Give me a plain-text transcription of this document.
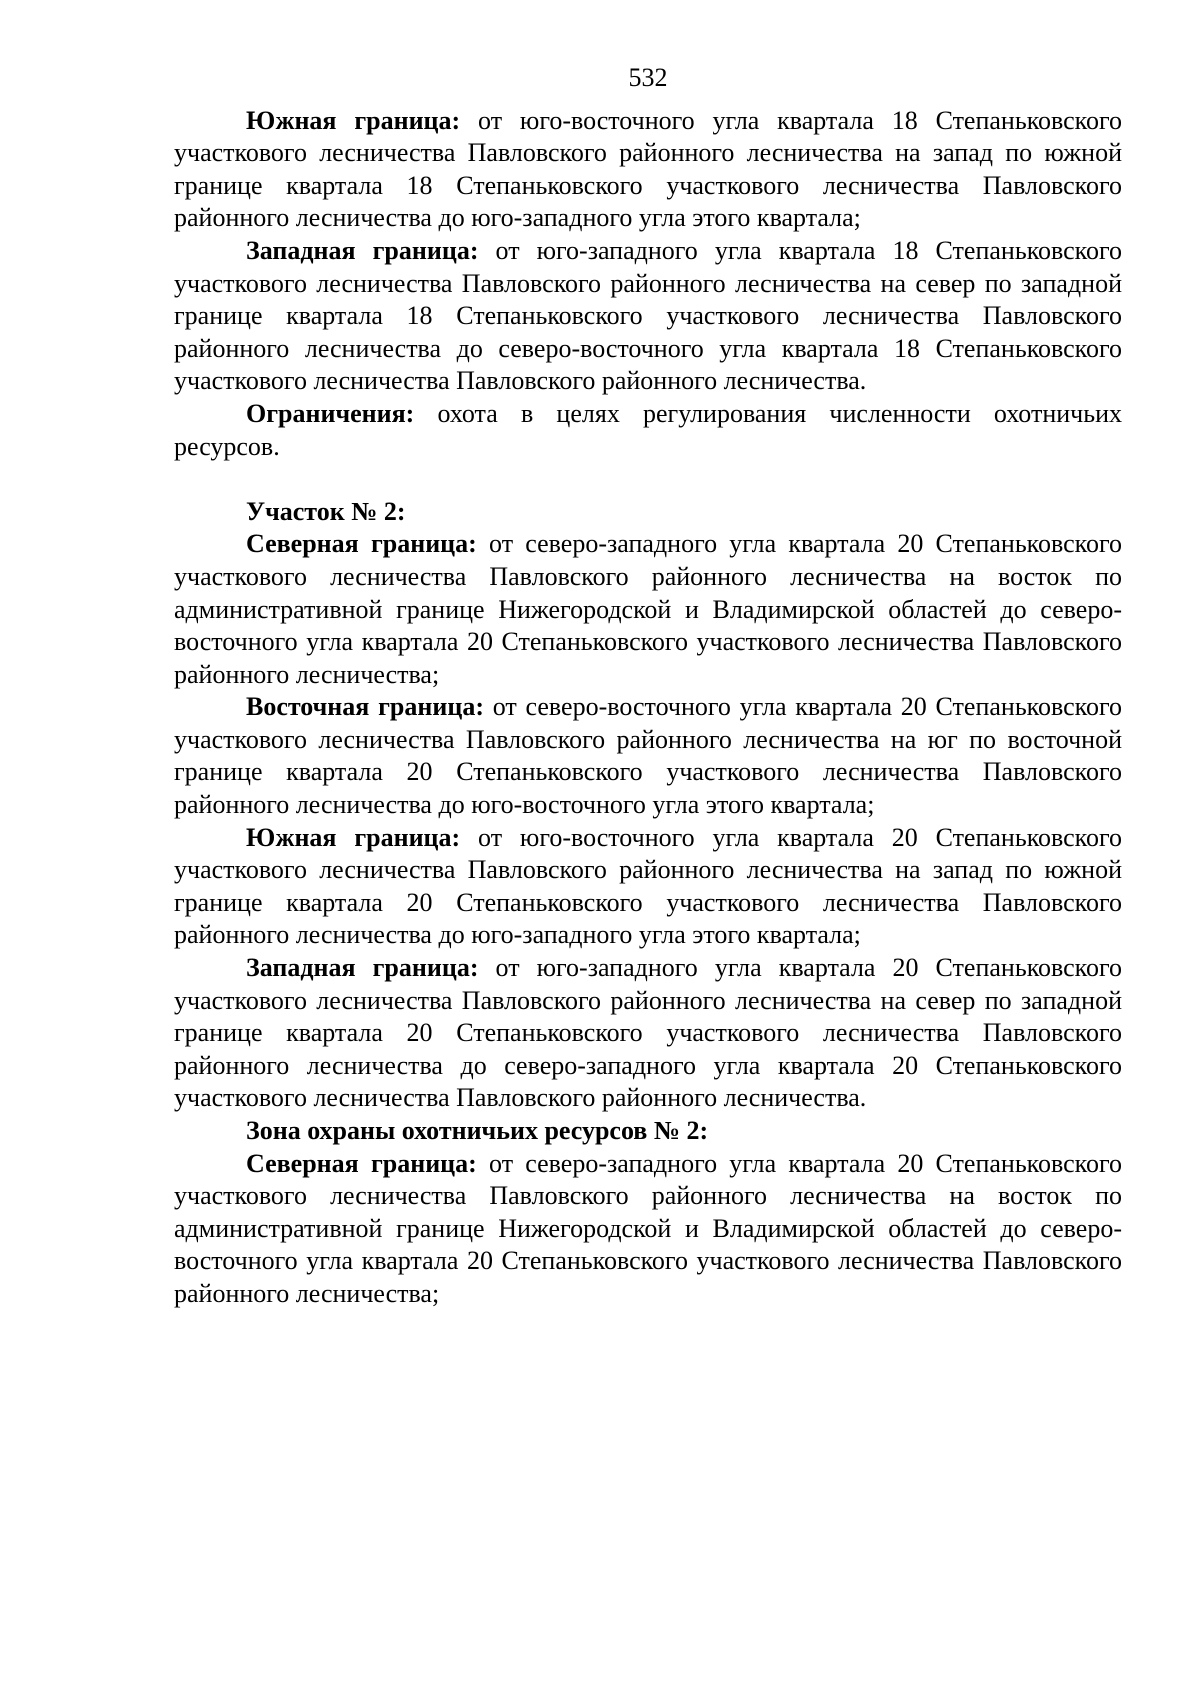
532

Южная граница: от юго-восточного угла квартала 18 Степаньковского участкового лесничества Павловского районного лесничества на запад по южной границе квартала 18 Степаньковского участкового лесничества Павловского районного лесничества до юго-западного угла этого квартала;

Западная граница: от юго-западного угла квартала 18 Степаньковского участкового лесничества Павловского районного лесничества на север по западной границе квартала 18 Степаньковского участкового лесничества Павловского районного лесничества до северо-восточного угла квартала 18 Степаньковского участкового лесничества Павловского районного лесничества.

Ограничения: охота в целях регулирования численности охотничьих ресурсов.

Участок № 2:

Северная граница: от северо-западного угла квартала 20 Степаньковского участкового лесничества Павловского районного лесничества на восток по административной границе Нижегородской и Владимирской областей до северо-восточного угла квартала 20 Степаньковского участкового лесничества Павловского районного лесничества;

Восточная граница: от северо-восточного угла квартала 20 Степаньковского участкового лесничества Павловского районного лесничества на юг по восточной границе квартала 20 Степаньковского участкового лесничества Павловского районного лесничества до юго-восточного угла этого квартала;

Южная граница: от юго-восточного угла квартала 20 Степаньковского участкового лесничества Павловского районного лесничества на запад по южной границе квартала 20 Степаньковского участкового лесничества Павловского районного лесничества до юго-западного угла этого квартала;

Западная граница: от юго-западного угла квартала 20 Степаньковского участкового лесничества Павловского районного лесничества на север по западной границе квартала 20 Степаньковского участкового лесничества Павловского районного лесничества до северо-западного угла квартала 20 Степаньковского участкового лесничества Павловского районного лесничества.

Зона охраны охотничьих ресурсов № 2:

Северная граница: от северо-западного угла квартала 20 Степаньковского участкового лесничества Павловского районного лесничества на восток по административной границе Нижегородской и Владимирской областей до северо-восточного угла квартала 20 Степаньковского участкового лесничества Павловского районного лесничества;
